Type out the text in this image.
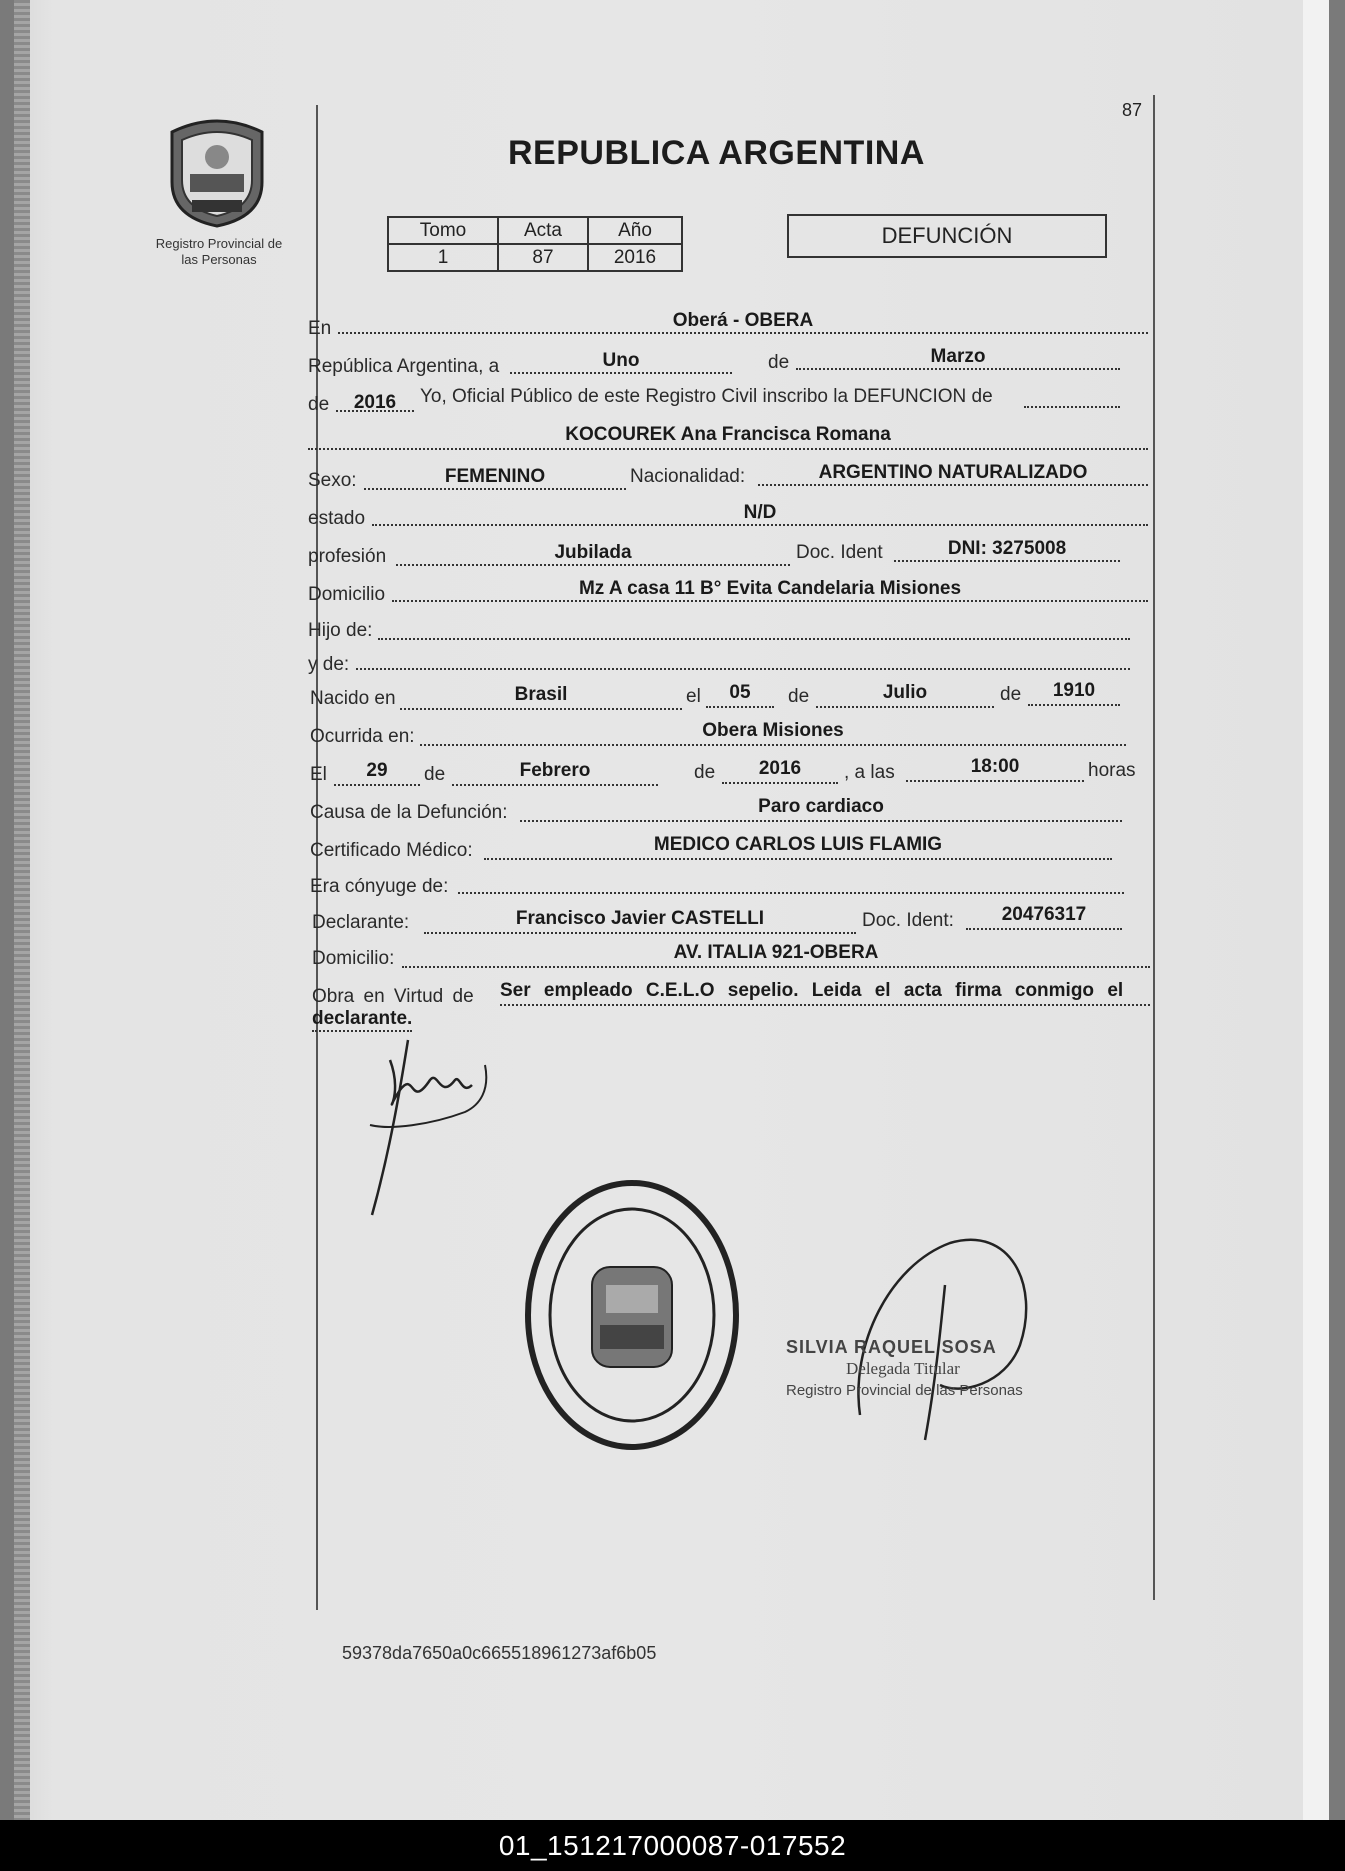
87
Registro Provincial de
las Personas
REPUBLICA ARGENTINA
Tomo	Acta	Año
1	87	2016
DEFUNCIÓN
En	Oberá - OBERA
República Argentina, a	Uno	de	Marzo
de	2016	Yo, Oficial Público de este Registro Civil inscribo la DEFUNCION de
KOCOUREK Ana Francisca Romana
Sexo:	FEMENINO	Nacionalidad:	ARGENTINO NATURALIZADO
estado	N/D
profesión	Jubilada	Doc. Ident	DNI: 3275008
Domicilio	Mz A casa 11 B° Evita Candelaria Misiones
Hijo de:
y de:
Nacido en	Brasil	el	05	de	Julio	de	1910
Ocurrida en:	Obera Misiones
El	29	de	Febrero	de	2016	, a las	18:00	horas
Causa de la Defunción:	Paro cardiaco
Certificado Médico:	MEDICO CARLOS LUIS FLAMIG
Era cónyuge de:
Declarante:	Francisco Javier CASTELLI	Doc. Ident:	20476317
Domicilio:	AV. ITALIA 921-OBERA
Obra en Virtud de Ser empleado C.E.L.O sepelio. Leida el acta firma conmigo el
declarante.
SILVIA RAQUEL SOSA
Delegada Titular
Registro Provincial de las Personas
59378da7650a0c665518961273af6b05
01_151217000087-017552
